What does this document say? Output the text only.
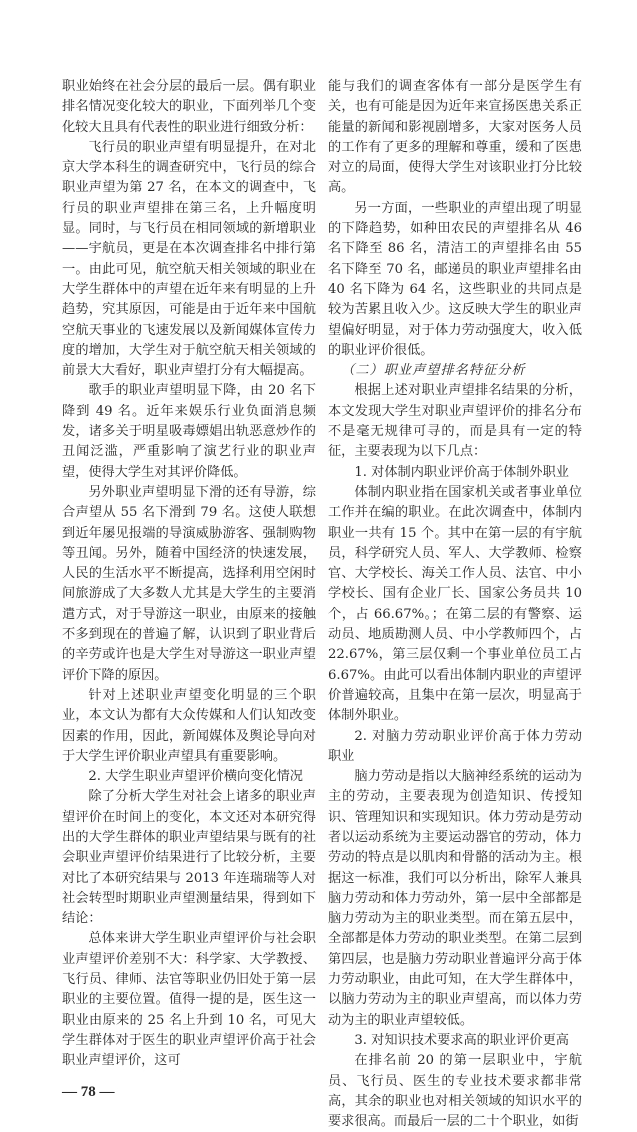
职业始终在社会分层的最后一层。偶有职业排名情况变化较大的职业，下面列举几个变化较大且具有代表性的职业进行细致分析：

飞行员的职业声望有明显提升，在对北京大学本科生的调查研究中，飞行员的综合职业声望为第 27 名，在本文的调查中，飞行员的职业声望排在第三名，上升幅度明显。同时，与飞行员在相同领域的新增职业——宇航员，更是在本次调查排名中排行第一。由此可见，航空航天相关领域的职业在大学生群体中的声望在近年来有明显的上升趋势，究其原因，可能是由于近年来中国航空航天事业的飞速发展以及新闻媒体宣传力度的增加，大学生对于航空航天相关领域的前景大大看好，职业声望打分有大幅提高。

歌手的职业声望明显下降，由 20 名下降到 49 名。近年来娱乐行业负面消息频发，诸多关于明星吸毒嫖娼出轨恶意炒作的丑闻泛滥，严重影响了演艺行业的职业声望，使得大学生对其评价降低。

另外职业声望明显下滑的还有导游，综合声望从 55 名下滑到 79 名。这使人联想到近年屡见报端的导演威胁游客、强制购物等丑闻。另外，随着中国经济的快速发展，人民的生活水平不断提高，选择利用空闲时间旅游成了大多数人尤其是大学生的主要消遣方式，对于导游这一职业，由原来的接触不多到现在的普遍了解，认识到了职业背后的辛劳或许也是大学生对导游这一职业声望评价下降的原因。

针对上述职业声望变化明显的三个职业，本文认为都有大众传媒和人们认知改变因素的作用，因此，新闻媒体及舆论导向对于大学生评价职业声望具有重要影响。

2. 大学生职业声望评价横向变化情况

除了分析大学生对社会上诸多的职业声望评价在时间上的变化，本文还对本研究得出的大学生群体的职业声望结果与既有的社会职业声望评价结果进行了比较分析，主要对比了本研究结果与 2013 年连瑞瑞等人对社会转型时期职业声望测量结果，得到如下结论：

总体来讲大学生职业声望评价与社会职业声望评价差别不大：科学家、大学教授、飞行员、律师、法官等职业仍旧处于第一层职业的主要位置。值得一提的是，医生这一职业由原来的 25 名上升到 10 名，可见大学生群体对于医生的职业声望评价高于社会职业声望评价，这可

— 78 —

能与我们的调查客体有一部分是医学生有关，也有可能是因为近年来宣扬医患关系正能量的新闻和影视剧增多，大家对医务人员的工作有了更多的理解和尊重，缓和了医患对立的局面，使得大学生对该职业打分比较高。

另一方面，一些职业的声望出现了明显的下降趋势，如种田农民的声望排名从 46 名下降至 86 名，清洁工的声望排名由 55 名下降至 70 名，邮递员的职业声望排名由 40 名下降为 64 名，这些职业的共同点是较为苦累且收入少。这反映大学生的职业声望偏好明显，对于体力劳动强度大，收入低的职业评价很低。

（二）职业声望排名特征分析

根据上述对职业声望排名结果的分析，本文发现大学生对职业声望评价的排名分布不是毫无规律可寻的，而是具有一定的特征，主要表现为以下几点：

1. 对体制内职业评价高于体制外职业

体制内职业指在国家机关或者事业单位工作并在编的职业。在此次调查中，体制内职业一共有 15 个。其中在第一层的有宇航员，科学研究人员、军人、大学教师、检察官、大学校长、海关工作人员、法官、中小学校长、国有企业厂长、国家公务员共 10 个，占 66.67%。；在第二层的有警察、运动员、地质勘测人员、中小学教师四个，占 22.67%，第三层仅剩一个事业单位员工占 6.67%。由此可以看出体制内职业的声望评价普遍较高，且集中在第一层次，明显高于体制外职业。

2. 对脑力劳动职业评价高于体力劳动职业

脑力劳动是指以大脑神经系统的运动为主的劳动，主要表现为创造知识、传授知识、管理知识和实现知识。体力劳动是劳动者以运动系统为主要运动器官的劳动，体力劳动的特点是以肌肉和骨骼的活动为主。根据这一标准，我们可以分析出，除军人兼具脑力劳动和体力劳动外，第一层中全部都是脑力劳动为主的职业类型。而在第五层中，全部都是体力劳动的职业类型。在第二层到第四层，也是脑力劳动职业普遍评分高于体力劳动职业，由此可知，在大学生群体中，以脑力劳动为主的职业声望高，而以体力劳动为主的职业声望较低。

3. 对知识技术要求高的职业评价更高

在排名前 20 的第一层职业中，宇航员、飞行员、医生的专业技术要求都非常高，其余的职业也对相关领域的知识水平的要求很高。而最后一层的二十个职业，如街
